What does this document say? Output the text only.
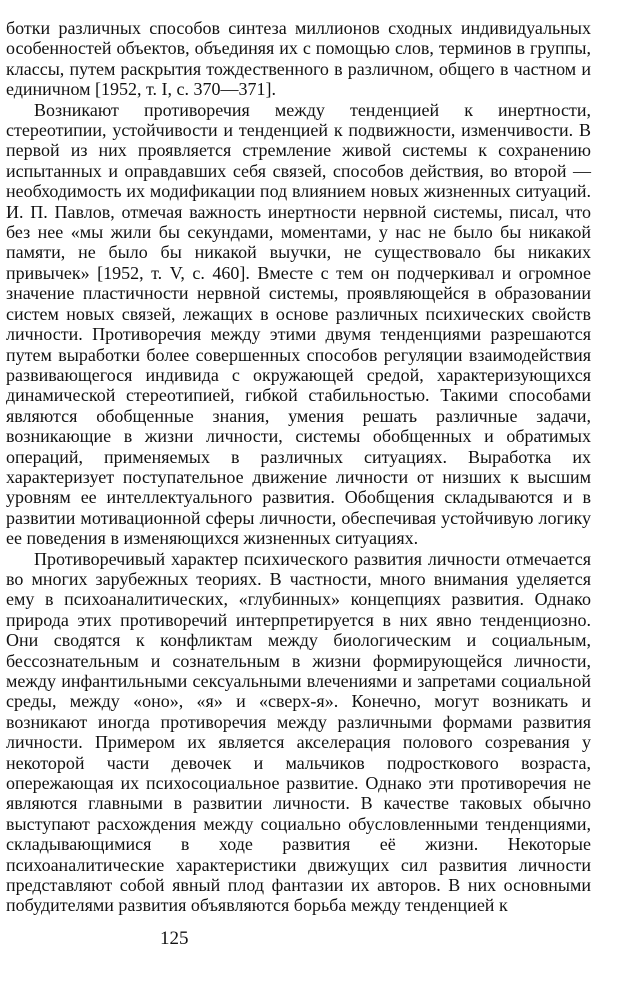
ботки различных способов синтеза миллионов сходных индивидуальных особенностей объектов, объединяя их с помощью слов, терминов в группы, классы, путем раскрытия тождественного в различном, общего в частном и единичном [1952, т. I, с. 370—371].

Возникают противоречия между тенденцией к инертности, стереотипии, устойчивости и тенденцией к подвижности, изменчивости. В первой из них проявляется стремление живой системы к сохранению испытанных и оправдавших себя связей, способов действия, во второй — необходимость их модификации под влиянием новых жизненных ситуаций. И. П. Павлов, отмечая важность инертности нервной системы, писал, что без нее «мы жили бы секундами, моментами, у нас не было бы никакой памяти, не было бы никакой выучки, не существовало бы никаких привычек» [1952, т. V, с. 460]. Вместе с тем он подчеркивал и огромное значение пластичности нервной системы, проявляющейся в образовании систем новых связей, лежащих в основе различных психических свойств личности. Противоречия между этими двумя тенденциями разрешаются путем выработки более совершенных способов регуляции взаимодействия развивающегося индивида с окружающей средой, характеризующихся динамической стереотипией, гибкой стабильностью. Такими способами являются обобщенные знания, умения решать различные задачи, возникающие в жизни личности, системы обобщенных и обратимых операций, применяемых в различных ситуациях. Выработка их характеризует поступательное движение личности от низших к высшим уровням ее интеллектуального развития. Обобщения складываются и в развитии мотивационной сферы личности, обеспечивая устойчивую логику ее поведения в изменяющихся жизненных ситуациях.

Противоречивый характер психического развития личности отмечается во многих зарубежных теориях. В частности, много внимания уделяется ему в психоаналитических, «глубинных» концепциях развития. Однако природа этих противоречий интерпретируется в них явно тенденциозно. Они сводятся к конфликтам между биологическим и социальным, бессознательным и сознательным в жизни формирующейся личности, между инфантильными сексуальными влечениями и запретами социальной среды, между «оно», «я» и «сверх-я». Конечно, могут возникать и возникают иногда противоречия между различными формами развития личности. Примером их является акселерация полового созревания у некоторой части девочек и мальчиков подросткового возраста, опережающая их психосоциальное развитие. Однако эти противоречия не являются главными в развитии личности. В качестве таковых обычно выступают расхождения между социально обусловленными тенденциями, складывающимися в ходе развития её жизни. Некоторые психоаналитические характеристики движущих сил развития личности представляют собой явный плод фантазии их авторов. В них основными побудителями развития объявляются борьба между тенденцией к

125
